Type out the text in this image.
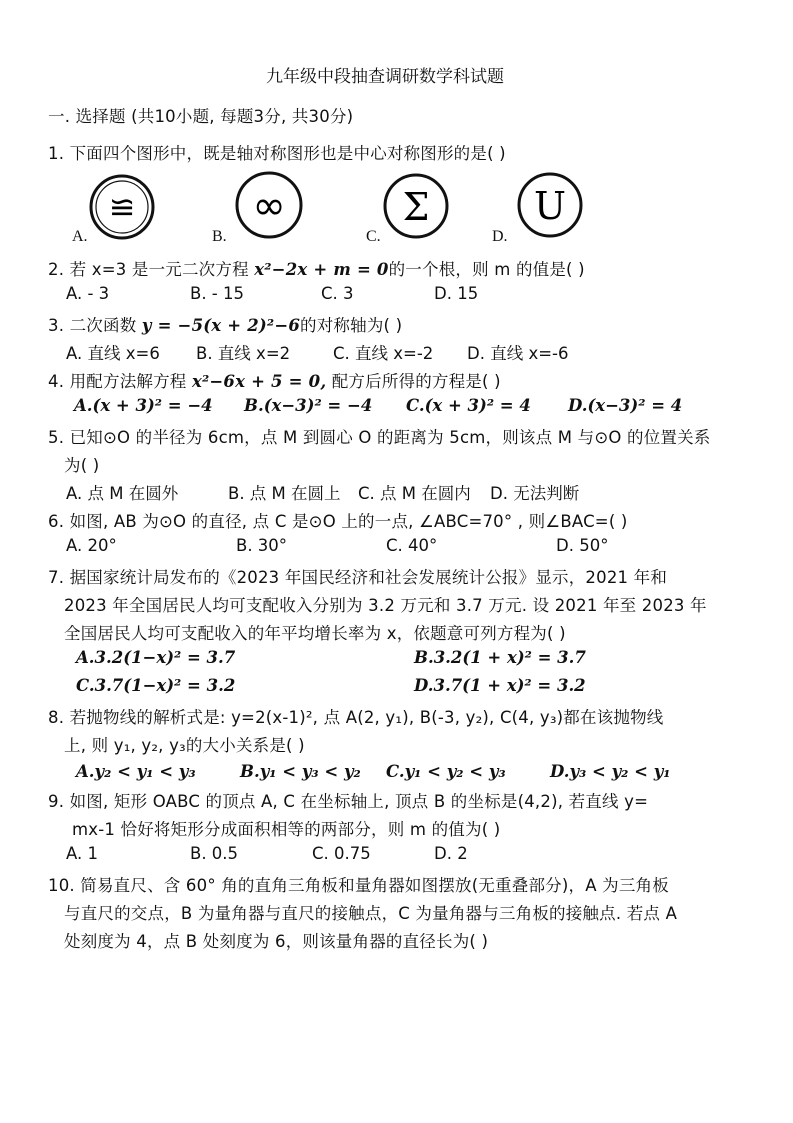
九年级中段抽查调研数学科试题
一. 选择题 (共10小题, 每题3分, 共30分)
1. 下面四个图形中，既是轴对称图形也是中心对称图形的是( )
≌
A.
∞
B.
Σ
C.
U
D.
2. 若 x=3 是一元二次方程 x²−2x + m = 0的一个根，则 m 的值是( )
A. - 3	B. - 15	C. 3	D. 15
3. 二次函数 y = −5(x + 2)²−6的对称轴为( )
A. 直线 x=6 B. 直线 x=2	C. 直线 x=-2 D. 直线 x=-6
4. 用配方法解方程 x²−6x + 5 = 0, 配方后所得的方程是( )
A.(x + 3)² = −4 B.(x−3)² = −4 C.(x + 3)² = 4 D.(x−3)² = 4
5. 已知⊙O 的半径为 6cm，点 M 到圆心 O 的距离为 5cm，则该点 M 与⊙O 的位置关系
为( )
A. 点 M 在圆外	B. 点 M 在圆上 C. 点 M 在圆内 D. 无法判断
6. 如图, AB 为⊙O 的直径, 点 C 是⊙O 上的一点, ∠ABC=70° , 则∠BAC=( )
A. 20°	B. 30°	C. 40°	D. 50°
7. 据国家统计局发布的《2023 年国民经济和社会发展统计公报》显示，2021 年和
2023 年全国居民人均可支配收入分别为 3.2 万元和 3.7 万元. 设 2021 年至 2023 年
全国居民人均可支配收入的年平均增长率为 x，依题意可列方程为( )
A.3.2(1−x)² = 3.7	B.3.2(1 + x)² = 3.7
C.3.7(1−x)² = 3.2	D.3.7(1 + x)² = 3.2
8. 若抛物线的解析式是: y=2(x-1)², 点 A(2, y₁), B(-3, y₂), C(4, y₃)都在该抛物线
上, 则 y₁, y₂, y₃的大小关系是( )
A.y₂ < y₁ < y₃	B.y₁ < y₃ < y₂ C.y₁ < y₂ < y₃	D.y₃ < y₂ < y₁
9. 如图, 矩形 OABC 的顶点 A, C 在坐标轴上, 顶点 B 的坐标是(4,2), 若直线 y=
mx-1 恰好将矩形分成面积相等的两部分，则 m 的值为( )
A. 1	B. 0.5	C. 0.75	D. 2
10. 简易直尺、含 60° 角的直角三角板和量角器如图摆放(无重叠部分)，A 为三角板
与直尺的交点，B 为量角器与直尺的接触点，C 为量角器与三角板的接触点. 若点 A
处刻度为 4，点 B 处刻度为 6，则该量角器的直径长为( )
